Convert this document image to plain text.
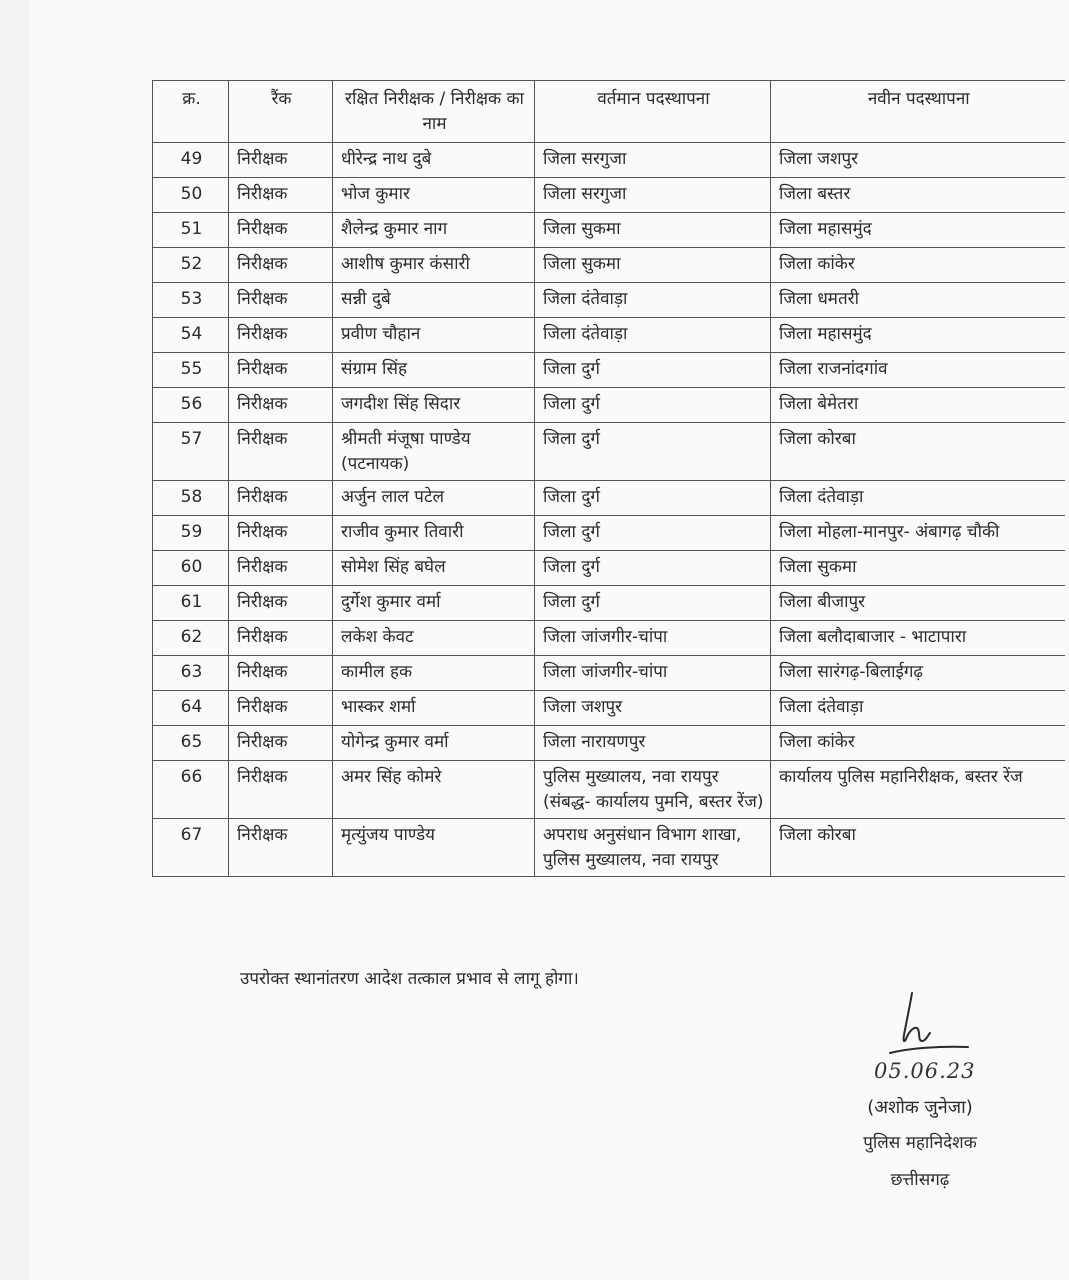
क्र.	रैंक	रक्षित निरीक्षक / निरीक्षक का नाम	वर्तमान पदस्थापना	नवीन पदस्थापना
49	निरीक्षक	धीरेन्द्र नाथ दुबे	जिला सरगुजा	जिला जशपुर
50	निरीक्षक	भोज कुमार	जिला सरगुजा	जिला बस्तर
51	निरीक्षक	शैलेन्द्र कुमार नाग	जिला सुकमा	जिला महासमुंद
52	निरीक्षक	आशीष कुमार कंसारी	जिला सुकमा	जिला कांकेर
53	निरीक्षक	सन्नी दुबे	जिला दंतेवाड़ा	जिला धमतरी
54	निरीक्षक	प्रवीण चौहान	जिला दंतेवाड़ा	जिला महासमुंद
55	निरीक्षक	संग्राम सिंह	जिला दुर्ग	जिला राजनांदगांव
56	निरीक्षक	जगदीश सिंह सिदार	जिला दुर्ग	जिला बेमेतरा
57	निरीक्षक	श्रीमती मंजूषा पाण्डेय (पटनायक)	जिला दुर्ग	जिला कोरबा
58	निरीक्षक	अर्जुन लाल पटेल	जिला दुर्ग	जिला दंतेवाड़ा
59	निरीक्षक	राजीव कुमार तिवारी	जिला दुर्ग	जिला मोहला-मानपुर- अंबागढ़ चौकी
60	निरीक्षक	सोमेश सिंह बघेल	जिला दुर्ग	जिला सुकमा
61	निरीक्षक	दुर्गेश कुमार वर्मा	जिला दुर्ग	जिला बीजापुर
62	निरीक्षक	लकेश केवट	जिला जांजगीर-चांपा	जिला बलौदाबाजार - भाटापारा
63	निरीक्षक	कामील हक	जिला जांजगीर-चांपा	जिला सारंगढ़-बिलाईगढ़
64	निरीक्षक	भास्कर शर्मा	जिला जशपुर	जिला दंतेवाड़ा
65	निरीक्षक	योगेन्द्र कुमार वर्मा	जिला नारायणपुर	जिला कांकेर
66	निरीक्षक	अमर सिंह कोमरे	पुलिस मुख्यालय, नवा रायपुर (संबद्ध- कार्यालय पुमनि, बस्तर रेंज)	कार्यालय पुलिस महानिरीक्षक, बस्तर रेंज
67	निरीक्षक	मृत्युंजय पाण्डेय	अपराध अनुसंधान विभाग शाखा, पुलिस मुख्यालय, नवा रायपुर	जिला कोरबा
उपरोक्त स्थानांतरण आदेश तत्काल प्रभाव से लागू होगा।
05.06.23
(अशोक जुनेजा)
पुलिस महानिदेशक
छत्तीसगढ़
